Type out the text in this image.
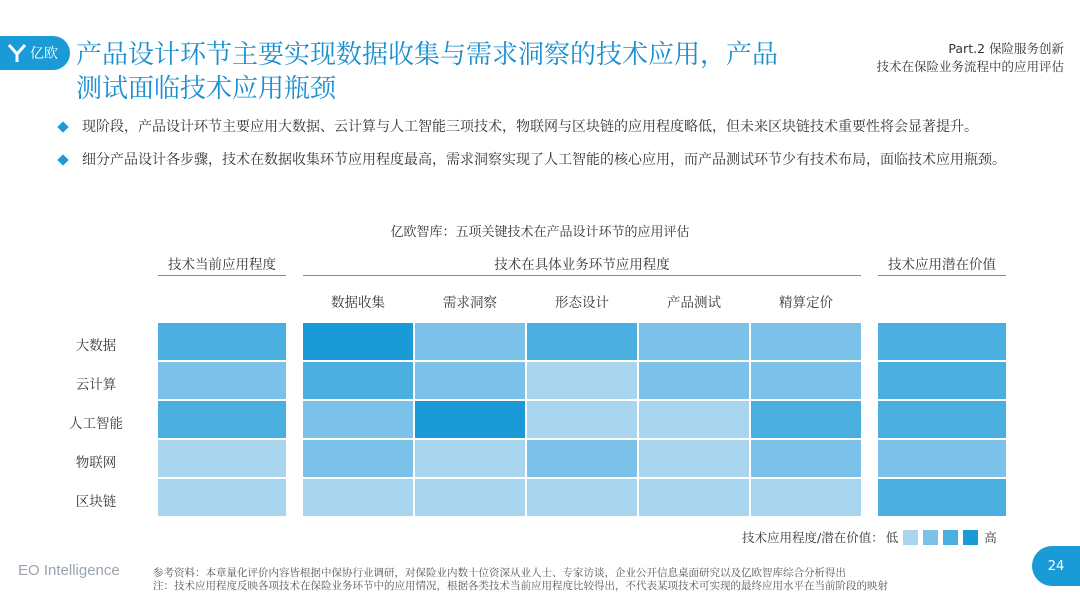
亿欧 产品设计环节主要实现数据收集与需求洞察的技术应用，产品
测试面临技术应用瓶颈
Part.2 保险服务创新
技术在保险业务流程中的应用评估
现阶段，产品设计环节主要应用大数据、云计算与人工智能三项技术，物联网与区块链的应用程度略低，但未来区块链技术重要性将会显著提升。
细分产品设计各步骤，技术在数据收集环节应用程度最高，需求洞察实现了人工智能的核心应用，而产品测试环节少有技术布局，面临技术应用瓶颈。
亿欧智库：五项关键技术在产品设计环节的应用评估
技术当前应用程度	技术在具体业务环节应用程度	技术应用潜在价值
数据收集	需求洞察	形态设计	产品测试	精算定价
大数据
云计算
人工智能
物联网
区块链
技术应用程度/潜在价值： 低	高
EO Intelligence	参考资料：本章量化评价内容皆根据中保协行业调研，对保险业内数十位资深从业人士、专家访谈，企业公开信息桌面研究以及亿欧智库综合分析得出
注：技术应用程度反映各项技术在保险业务环节中的应用情况，根据各类技术当前应用程度比较得出，不代表某项技术可实现的最终应用水平在当前阶段的映射
24
